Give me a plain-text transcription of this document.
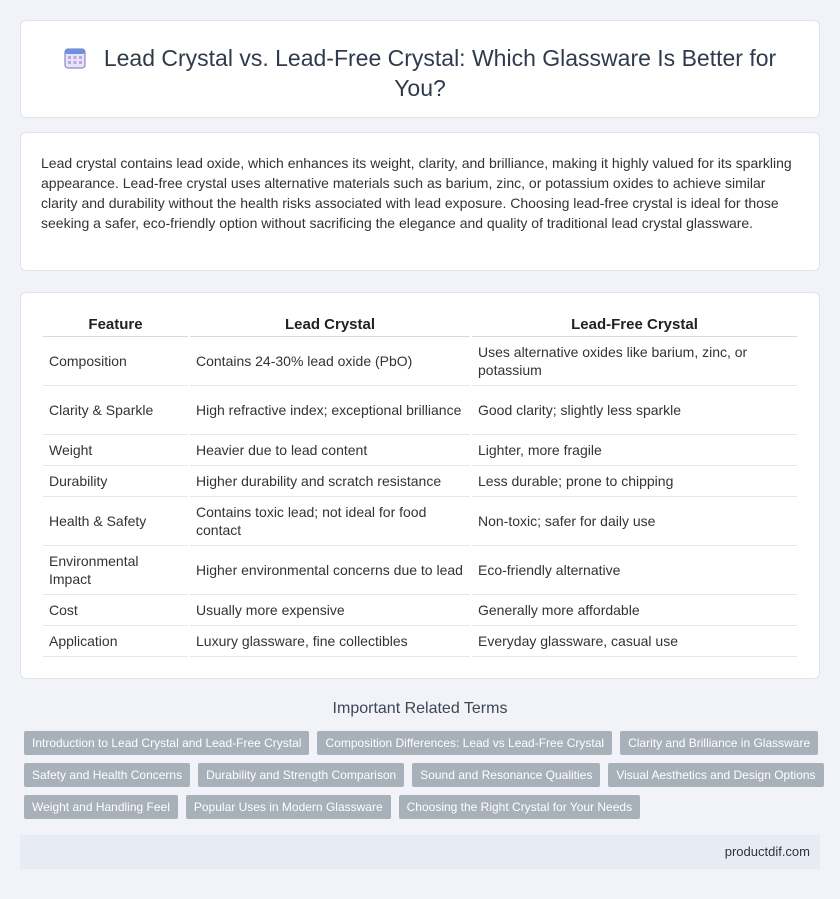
Lead Crystal vs. Lead-Free Crystal: Which Glassware Is Better for You?

Lead crystal contains lead oxide, which enhances its weight, clarity, and brilliance, making it highly valued for its sparkling appearance. Lead-free crystal uses alternative materials such as barium, zinc, or potassium oxides to achieve similar clarity and durability without the health risks associated with lead exposure. Choosing lead-free crystal is ideal for those seeking a safer, eco-friendly option without sacrificing the elegance and quality of traditional lead crystal glassware.

Feature	Lead Crystal	Lead-Free Crystal
Composition	Contains 24-30% lead oxide (PbO)	Uses alternative oxides like barium, zinc, or potassium
Clarity & Sparkle	High refractive index; exceptional brilliance	Good clarity; slightly less sparkle
Weight	Heavier due to lead content	Lighter, more fragile
Durability	Higher durability and scratch resistance	Less durable; prone to chipping
Health & Safety	Contains toxic lead; not ideal for food contact	Non-toxic; safer for daily use
Environmental Impact	Higher environmental concerns due to lead	Eco-friendly alternative
Cost	Usually more expensive	Generally more affordable
Application	Luxury glassware, fine collectibles	Everyday glassware, casual use
Important Related Terms
Introduction to Lead Crystal and Lead-Free Crystal	Composition Differences: Lead vs Lead-Free Crystal	Clarity and Brilliance in Glassware
Safety and Health Concerns	Durability and Strength Comparison	Sound and Resonance Qualities	Visual Aesthetics and Design Options
Weight and Handling Feel	Popular Uses in Modern Glassware	Choosing the Right Crystal for Your Needs
productdif.com
